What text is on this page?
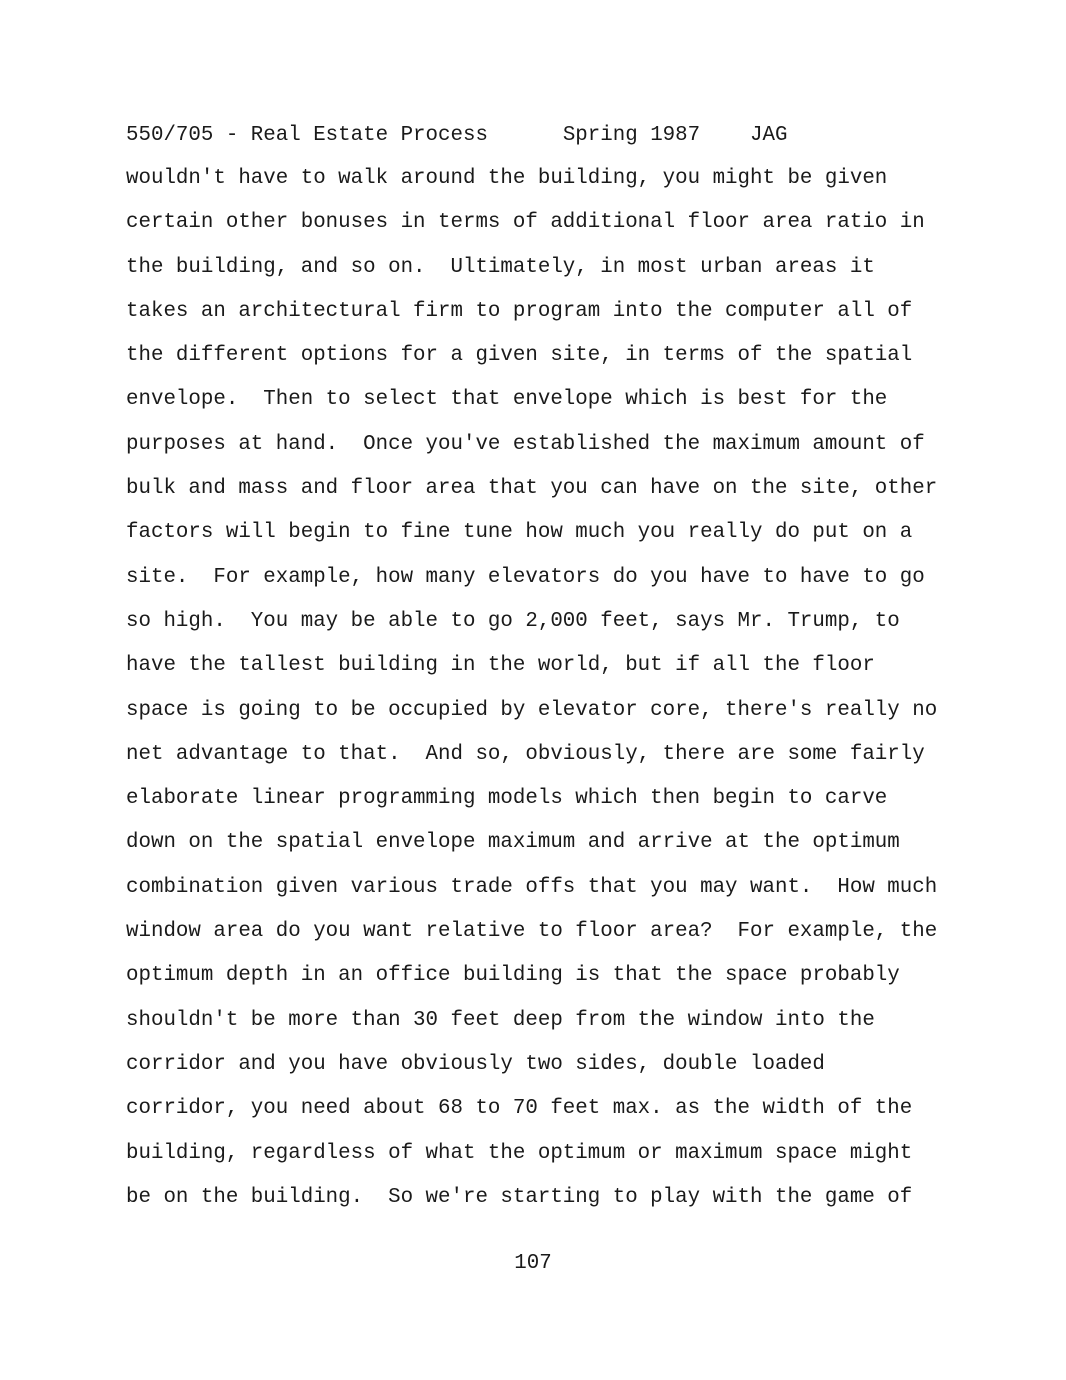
550/705 - Real Estate Process	Spring 1987 JAG
wouldn't have to walk around the building, you might be given
certain other bonuses in terms of additional floor area ratio in
the building, and so on.  Ultimately, in most urban areas it
takes an architectural firm to program into the computer all of
the different options for a given site, in terms of the spatial
envelope.  Then to select that envelope which is best for the
purposes at hand.  Once you've established the maximum amount of
bulk and mass and floor area that you can have on the site, other
factors will begin to fine tune how much you really do put on a
site.  For example, how many elevators do you have to have to go
so high.  You may be able to go 2,000 feet, says Mr. Trump, to
have the tallest building in the world, but if all the floor
space is going to be occupied by elevator core, there's really no
net advantage to that.  And so, obviously, there are some fairly
elaborate linear programming models which then begin to carve
down on the spatial envelope maximum and arrive at the optimum
combination given various trade offs that you may want.  How much
window area do you want relative to floor area?  For example, the
optimum depth in an office building is that the space probably
shouldn't be more than 30 feet deep from the window into the
corridor and you have obviously two sides, double loaded
corridor, you need about 68 to 70 feet max. as the width of the
building, regardless of what the optimum or maximum space might
be on the building.  So we're starting to play with the game of
107
